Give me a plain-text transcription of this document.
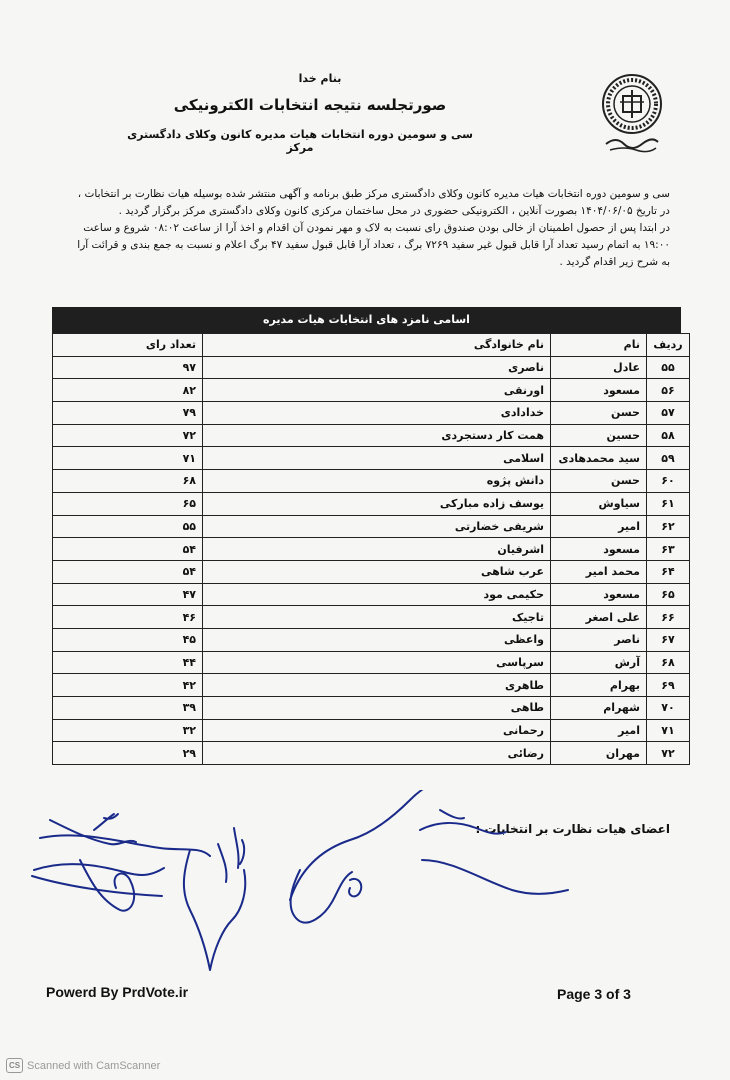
بنام خدا
صورتجلسه نتیجه انتخابات الکترونیکی
سی و سومین دوره انتخابات هیات مدیره کانون وکلای دادگستری مرکز

سی و سومین دوره انتخابات هیات مدیره کانون وکلای دادگستری مرکز طبق برنامه و آگهی منتشر شده بوسیله هیات نظارت بر انتخابات ، در تاریخ ۱۴۰۴/۰۶/۰۵ بصورت آنلاین ، الکترونیکی حضوری در محل ساختمان مرکزی کانون وکلای دادگستری مرکز برگزار گردید .

در ابتدا پس از حصول اطمینان از خالی بودن صندوق رای نسبت به لاک و مهر نمودن آن اقدام و اخذ آرا از ساعت ۰۸:۰۲ شروع و ساعت ۱۹:۰۰ به اتمام رسید تعداد آرا قابل قبول غیر سفید ۷۲۶۹ برگ ، تعداد آرا قابل قبول سفید ۴۷ برگ اعلام و نسبت به جمع بندی و قرائت آرا به شرح زیر اقدام گردید .

اسامی نامزد های انتخابات هیات مدیره
ردیف	نام	نام خانوادگی	تعداد رای
۵۵	عادل	ناصری	۹۷
۵۶	مسعود	اورنقی	۸۲
۵۷	حسن	خدادادی	۷۹
۵۸	حسین	همت کار دستجردی	۷۲
۵۹	سید محمدهادی	اسلامی	۷۱
۶۰	حسن	دانش پژوه	۶۸
۶۱	سیاوش	یوسف زاده مبارکی	۶۵
۶۲	امیر	شریفی خضارتی	۵۵
۶۳	مسعود	اشرفیان	۵۴
۶۴	محمد امیر	عرب شاهی	۵۴
۶۵	مسعود	حکیمی مود	۴۷
۶۶	علی اصغر	تاجیک	۴۶
۶۷	ناصر	واعظی	۴۵
۶۸	آرش	سرپاسی	۴۴
۶۹	بهرام	طاهری	۴۲
۷۰	شهرام	طاهی	۳۹
۷۱	امیر	رحمانی	۳۲
۷۲	مهران	رضائی	۲۹
اعضای هیات نظارت بر انتخابات :
Powerd By PrdVote.ir	Page 3 of 3
CS Scanned with CamScanner
